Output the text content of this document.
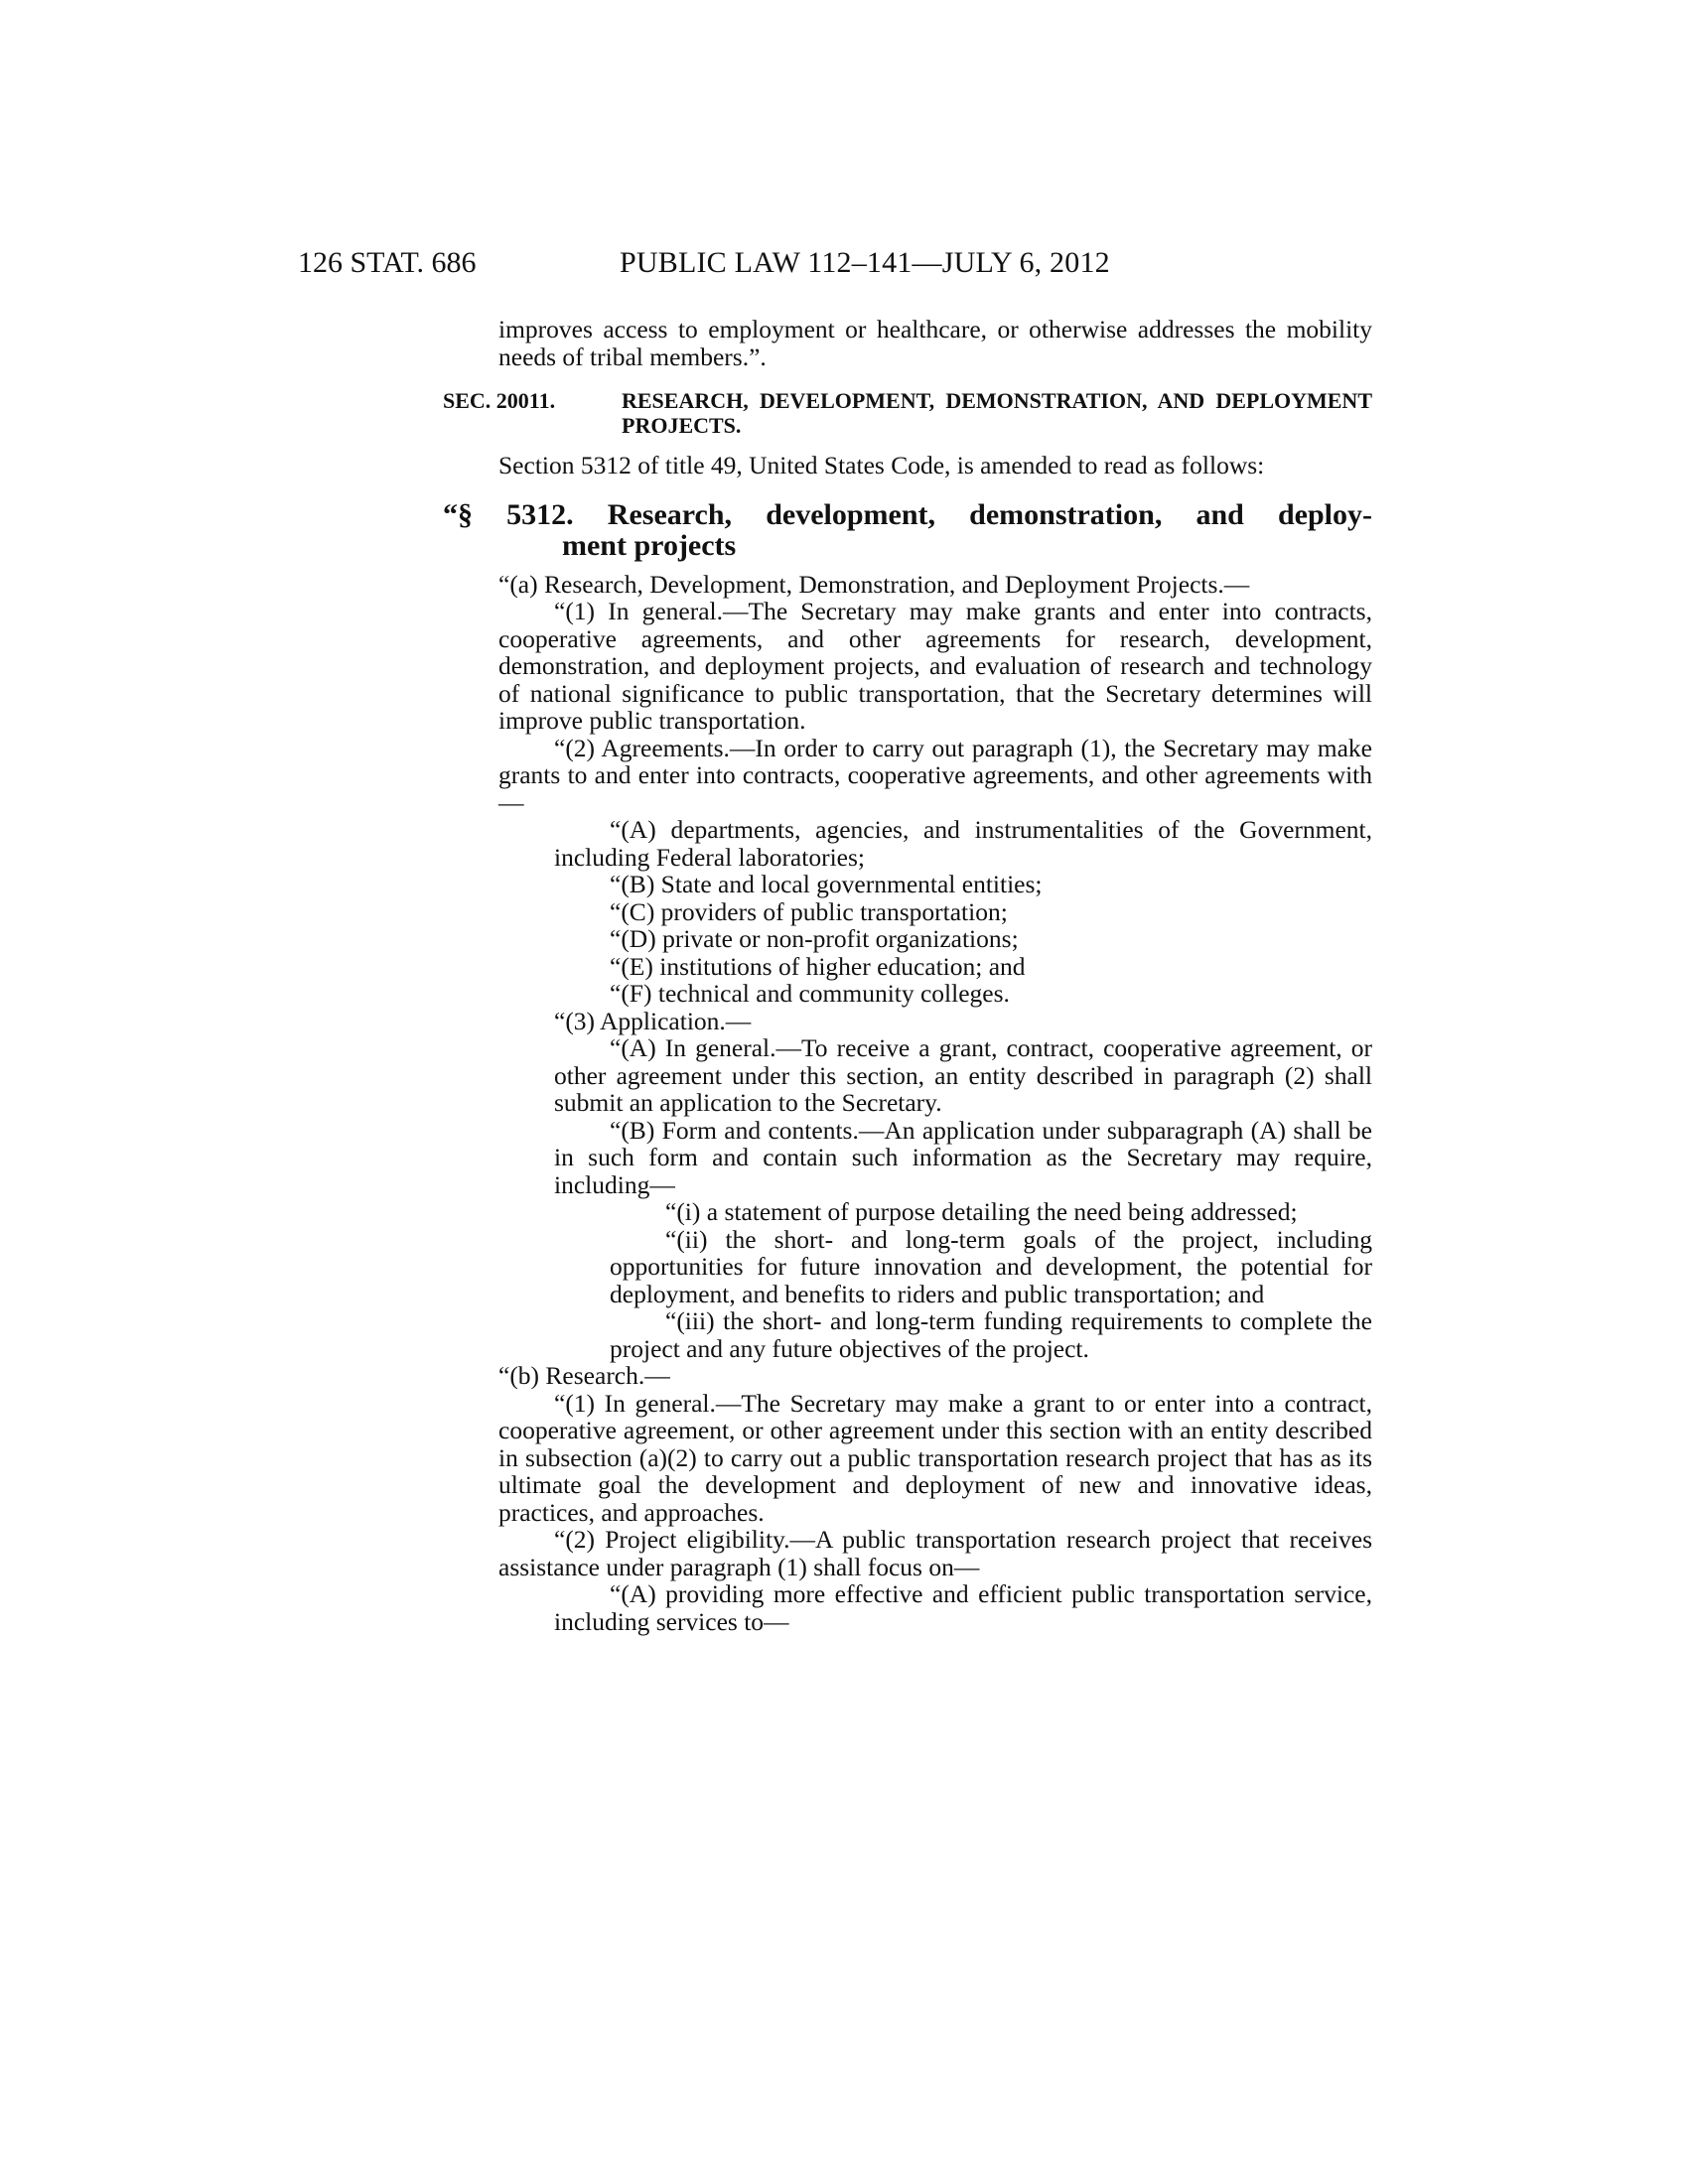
126 STAT. 686	PUBLIC LAW 112–141—JULY 6, 2012

improves access to employment or healthcare, or otherwise addresses the mobility needs of tribal members.”.

SEC. 20011.	RESEARCH, DEVELOPMENT, DEMONSTRATION, AND DEPLOYMENT PROJECTS.

Section 5312 of title 49, United States Code, is amended to read as follows:

“§ 5312. Research, development, demonstration, and deploy-
ment projects

“(a) Research, Development, Demonstration, and Deployment Projects.—

“(1) In general.—The Secretary may make grants and enter into contracts, cooperative agreements, and other agreements for research, development, demonstration, and deployment projects, and evaluation of research and technology of national significance to public transportation, that the Secretary determines will improve public transportation.

“(2) Agreements.—In order to carry out paragraph (1), the Secretary may make grants to and enter into contracts, cooperative agreements, and other agreements with—

“(A) departments, agencies, and instrumentalities of the Government, including Federal laboratories;

“(B) State and local governmental entities;

“(C) providers of public transportation;

“(D) private or non-profit organizations;

“(E) institutions of higher education; and

“(F) technical and community colleges.

“(3) Application.—

“(A) In general.—To receive a grant, contract, cooperative agreement, or other agreement under this section, an entity described in paragraph (2) shall submit an application to the Secretary.

“(B) Form and contents.—An application under subparagraph (A) shall be in such form and contain such information as the Secretary may require, including—

“(i) a statement of purpose detailing the need being addressed;

“(ii) the short- and long-term goals of the project, including opportunities for future innovation and development, the potential for deployment, and benefits to riders and public transportation; and

“(iii) the short- and long-term funding requirements to complete the project and any future objectives of the project.

“(b) Research.—

“(1) In general.—The Secretary may make a grant to or enter into a contract, cooperative agreement, or other agreement under this section with an entity described in subsection (a)(2) to carry out a public transportation research project that has as its ultimate goal the development and deployment of new and innovative ideas, practices, and approaches.

“(2) Project eligibility.—A public transportation research project that receives assistance under paragraph (1) shall focus on—

“(A) providing more effective and efficient public transportation service, including services to—
